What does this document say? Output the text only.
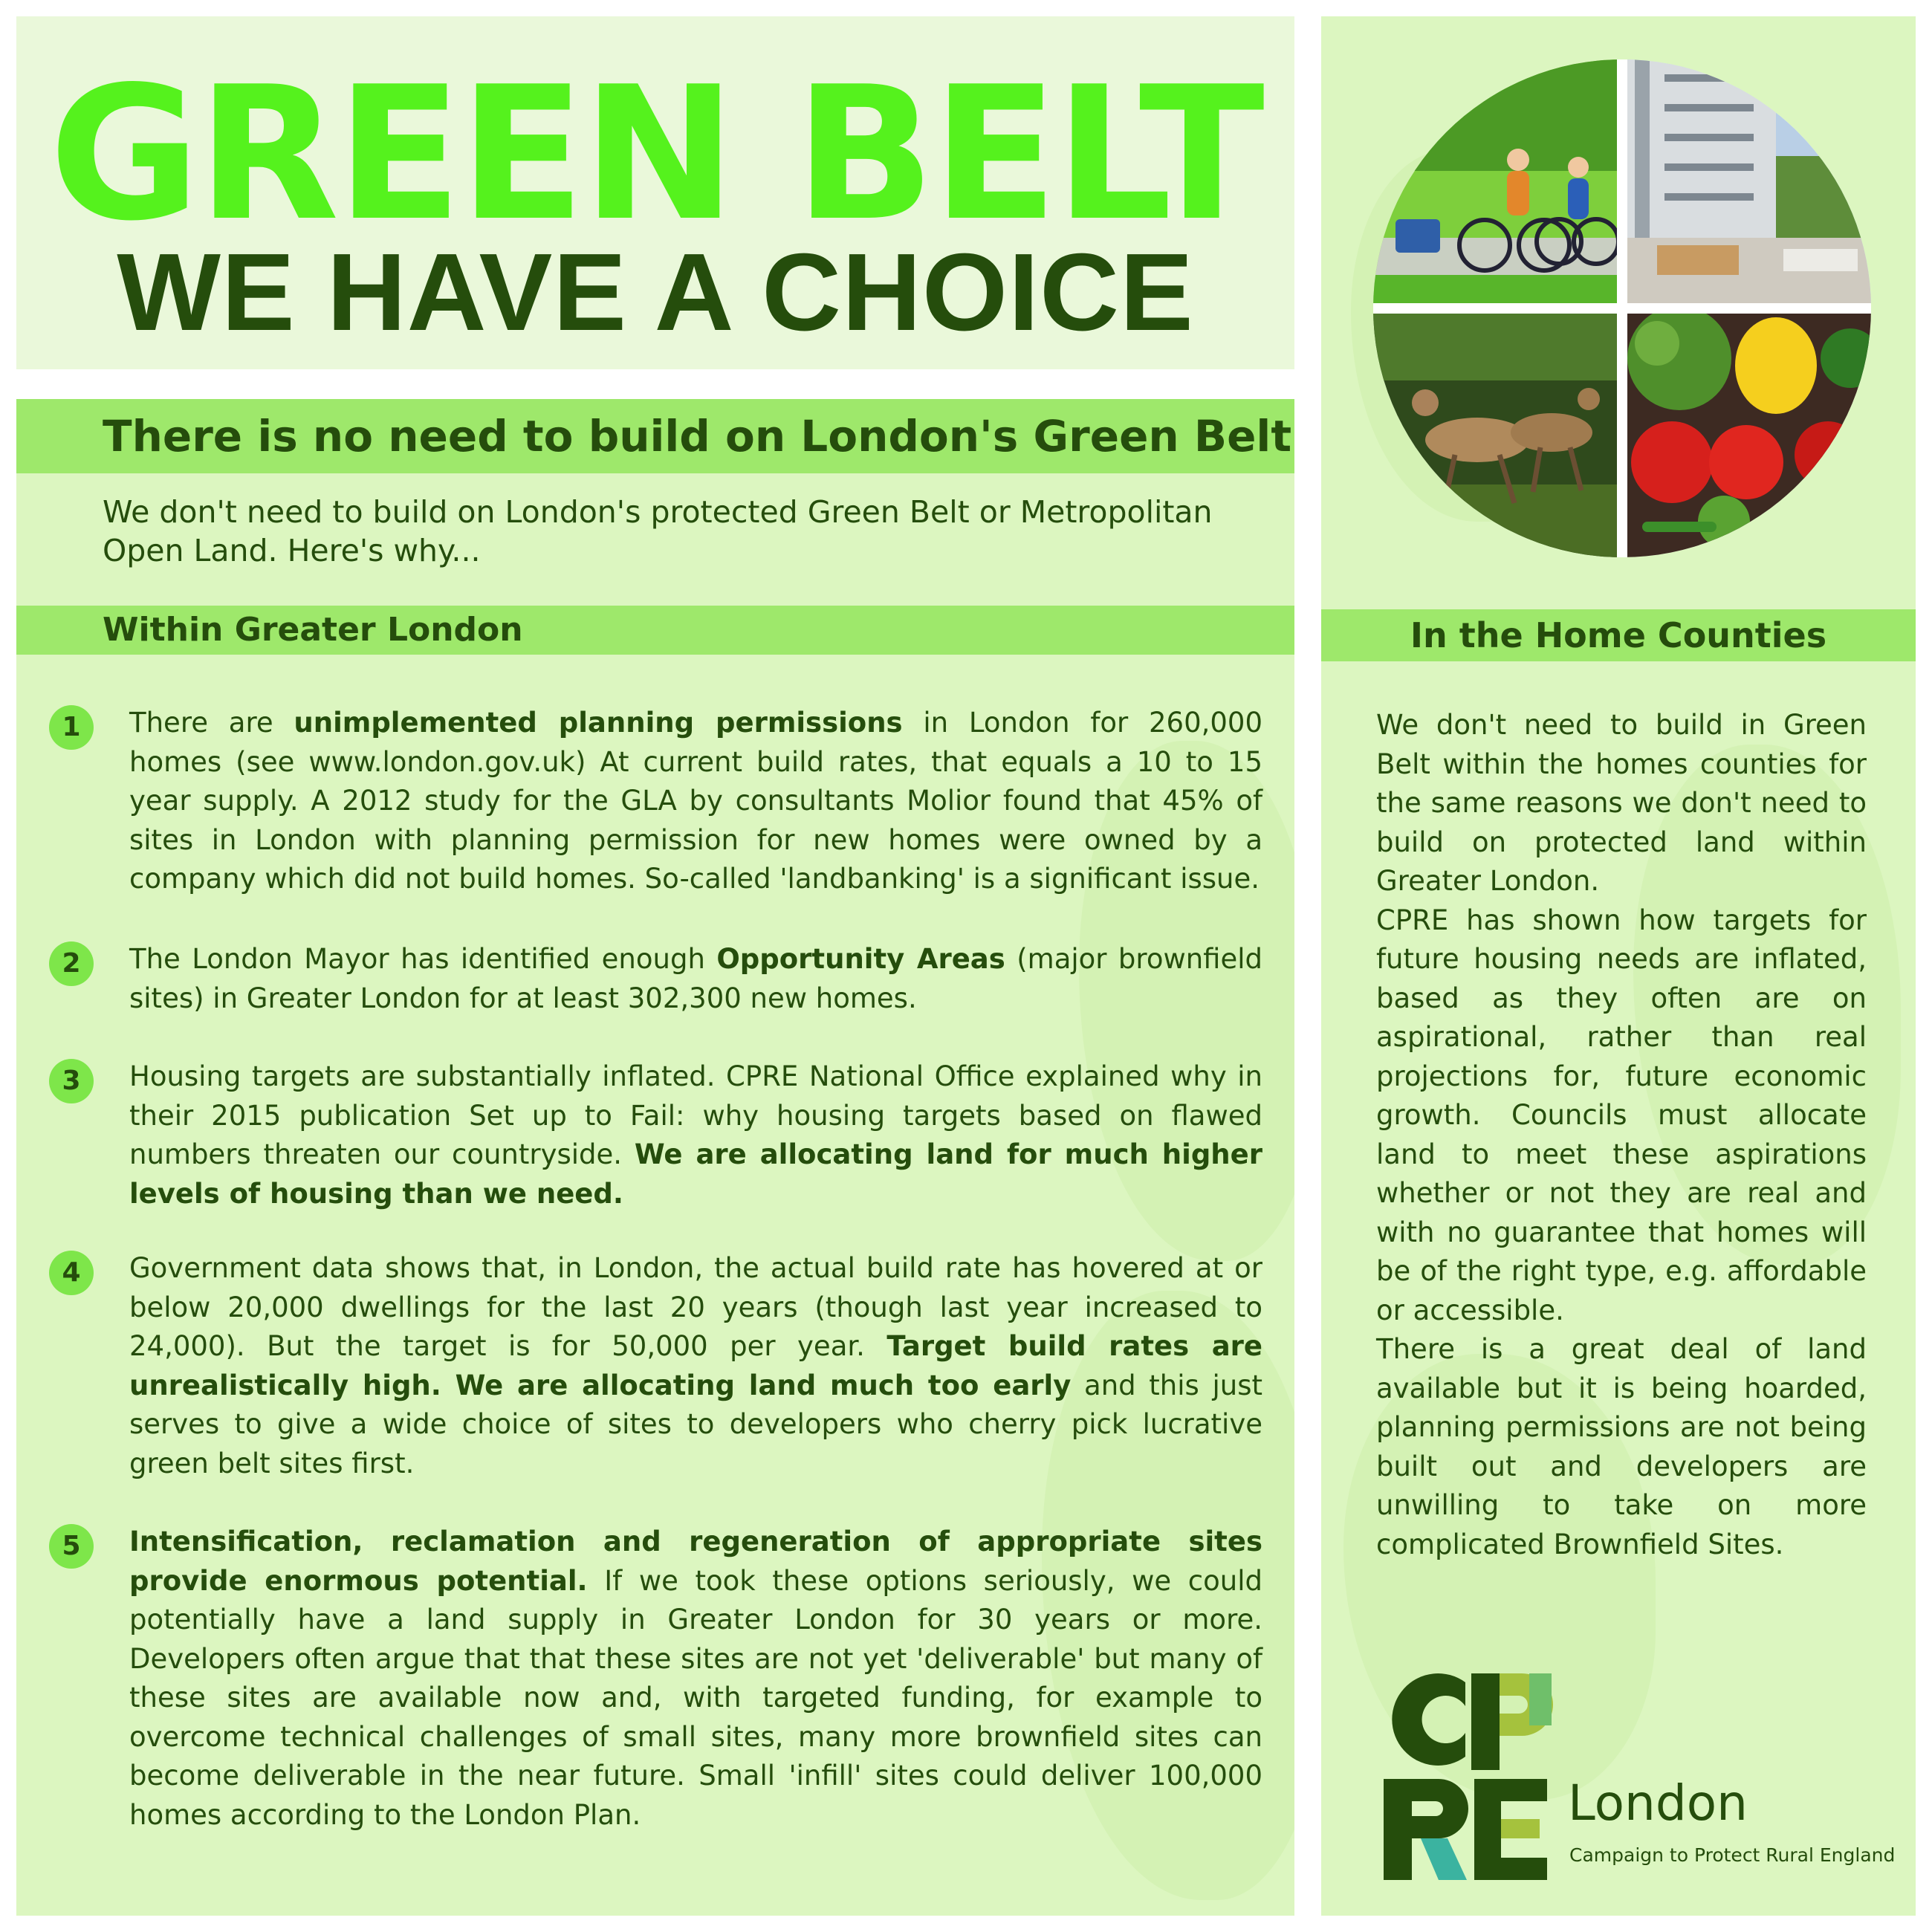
GREEN BELT
WE HAVE A CHOICE
There is no need to build on London's Green Belt

We don't need to build on London's protected Green Belt or Metropolitan Open Land. Here's why...

Within Greater London
1	There are unimplemented planning permissions in London for 260,000 homes (see www.london.gov.uk) At current build rates, that equals a 10 to 15 year supply. A 2012 study for the GLA by consultants Molior found that 45% of sites in London with planning permission for new homes were owned by a company which did not build homes. So-called 'landbanking' is a significant issue.

2	The London Mayor has identified enough Opportunity Areas (major brownfield sites) in Greater London for at least 302,300 new homes.

3	Housing targets are substantially inflated. CPRE National Office explained why in their 2015 publication Set up to Fail: why housing targets based on flawed numbers threaten our countryside. We are allocating land for much higher levels of housing than we need.

4	Government data shows that, in London, the actual build rate has hovered at or below 20,000 dwellings for the last 20 years (though last year increased to 24,000). But the target is for 50,000 per year. Target build rates are unrealistically high. We are allocating land much too early and this just serves to give a wide choice of sites to developers who cherry pick lucrative green belt sites first.

5	Intensification, reclamation and regeneration of appropriate sites provide enormous potential. If we took these options seriously, we could potentially have a land supply in Greater London for 30 years or more. Developers often argue that that these sites are not yet 'deliverable' but many of these sites are available now and, with targeted funding, for example to overcome technical challenges of small sites, many more brownfield sites can become deliverable in the near future. Small 'infill' sites could deliver 100,000 homes according to the London Plan.

In the Home Counties

We don't need to build in Green Belt within the homes counties for the same reasons we don't need to build on protected land within Greater London.

CPRE has shown how targets for future housing needs are inflated, based as they often are on aspirational, rather than real projections for, future economic growth. Councils must allocate land to meet these aspirations whether or not they are real and with no guarantee that homes will be of the right type, e.g. affordable or accessible.

There is a great deal of land available but it is being hoarded, planning permissions are not being built out and developers are unwilling to take on more complicated Brownfield Sites.

London
Campaign to Protect Rural England
